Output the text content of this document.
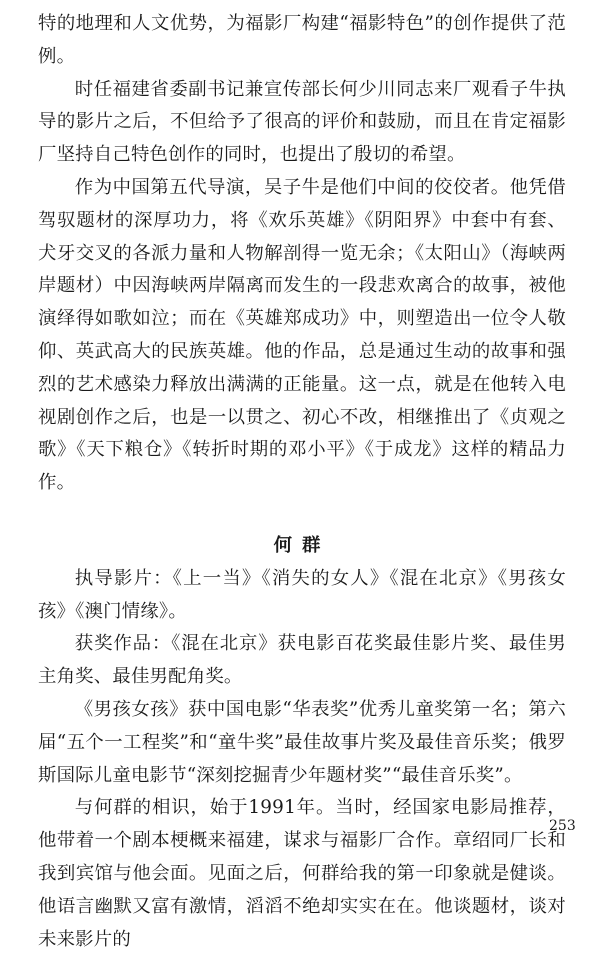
特的地理和人文优势，为福影厂构建“福影特色”的创作提供了范例。

时任福建省委副书记兼宣传部长何少川同志来厂观看子牛执导的影片之后，不但给予了很高的评价和鼓励，而且在肯定福影厂坚持自己特色创作的同时，也提出了殷切的希望。

作为中国第五代导演，吴子牛是他们中间的佼佼者。他凭借驾驭题材的深厚功力，将《欢乐英雄》《阴阳界》中套中有套、犬牙交叉的各派力量和人物解剖得一览无余；《太阳山》（海峡两岸题材）中因海峡两岸隔离而发生的一段悲欢离合的故事，被他演绎得如歌如泣；而在《英雄郑成功》中，则塑造出一位令人敬仰、英武高大的民族英雄。他的作品，总是通过生动的故事和强烈的艺术感染力释放出满满的正能量。这一点，就是在他转入电视剧创作之后，也是一以贯之、初心不改，相继推出了《贞观之歌》《天下粮仓》《转折时期的邓小平》《于成龙》这样的精品力作。

何群

执导影片：《上一当》《消失的女人》《混在北京》《男孩女孩》《澳门情缘》。

获奖作品：《混在北京》获电影百花奖最佳影片奖、最佳男主角奖、最佳男配角奖。

《男孩女孩》获中国电影“华表奖”优秀儿童奖第一名；第六届“五个一工程奖”和“童牛奖”最佳故事片奖及最佳音乐奖；俄罗斯国际儿童电影节“深刻挖掘青少年题材奖”“最佳音乐奖”。

与何群的相识，始于1991年。当时，经国家电影局推荐，他带着一个剧本梗概来福建，谋求与福影厂合作。章绍同厂长和我到宾馆与他会面。见面之后，何群给我的第一印象就是健谈。他语言幽默又富有激情，滔滔不绝却实实在在。他谈题材，谈对未来影片的

253
